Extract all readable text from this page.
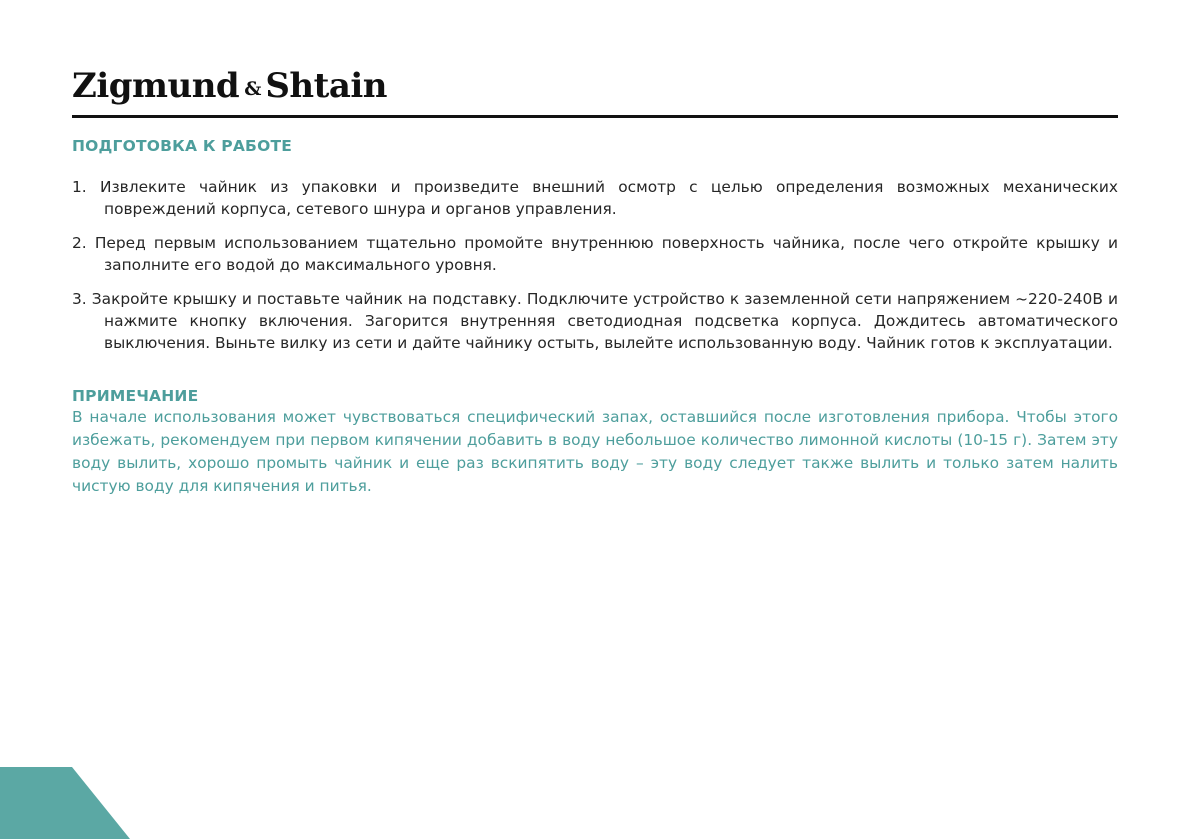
Zigmund & Shtain
ПОДГОТОВКА К РАБОТЕ
1. Извлеките чайник из упаковки и произведите внешний осмотр с целью определения возможных механических повреждений корпуса, сетевого шнура и органов управления.
2. Перед первым использованием тщательно промойте внутреннюю поверхность чайника, после чего откройте крышку и заполните его водой до максимального уровня.
3. Закройте крышку и поставьте чайник на подставку. Подключите устройство к заземленной сети напряжением ~220-240В и нажмите кнопку включения. Загорится внутренняя светодиодная подсветка корпуса. Дождитесь автоматического выключения. Выньте вилку из сети и дайте чайнику остыть, вылейте использованную воду. Чайник готов к эксплуатации.
ПРИМЕЧАНИЕ

В начале использования может чувствоваться специфический запах, оставшийся после изготовления прибора. Чтобы этого избежать, рекомендуем при первом кипячении добавить в воду небольшое количество лимонной кислоты (10-15 г). Затем эту воду вылить, хорошо промыть чайник и еще раз вскипятить воду – эту воду следует также вылить и только затем налить чистую воду для кипячения и питья.
